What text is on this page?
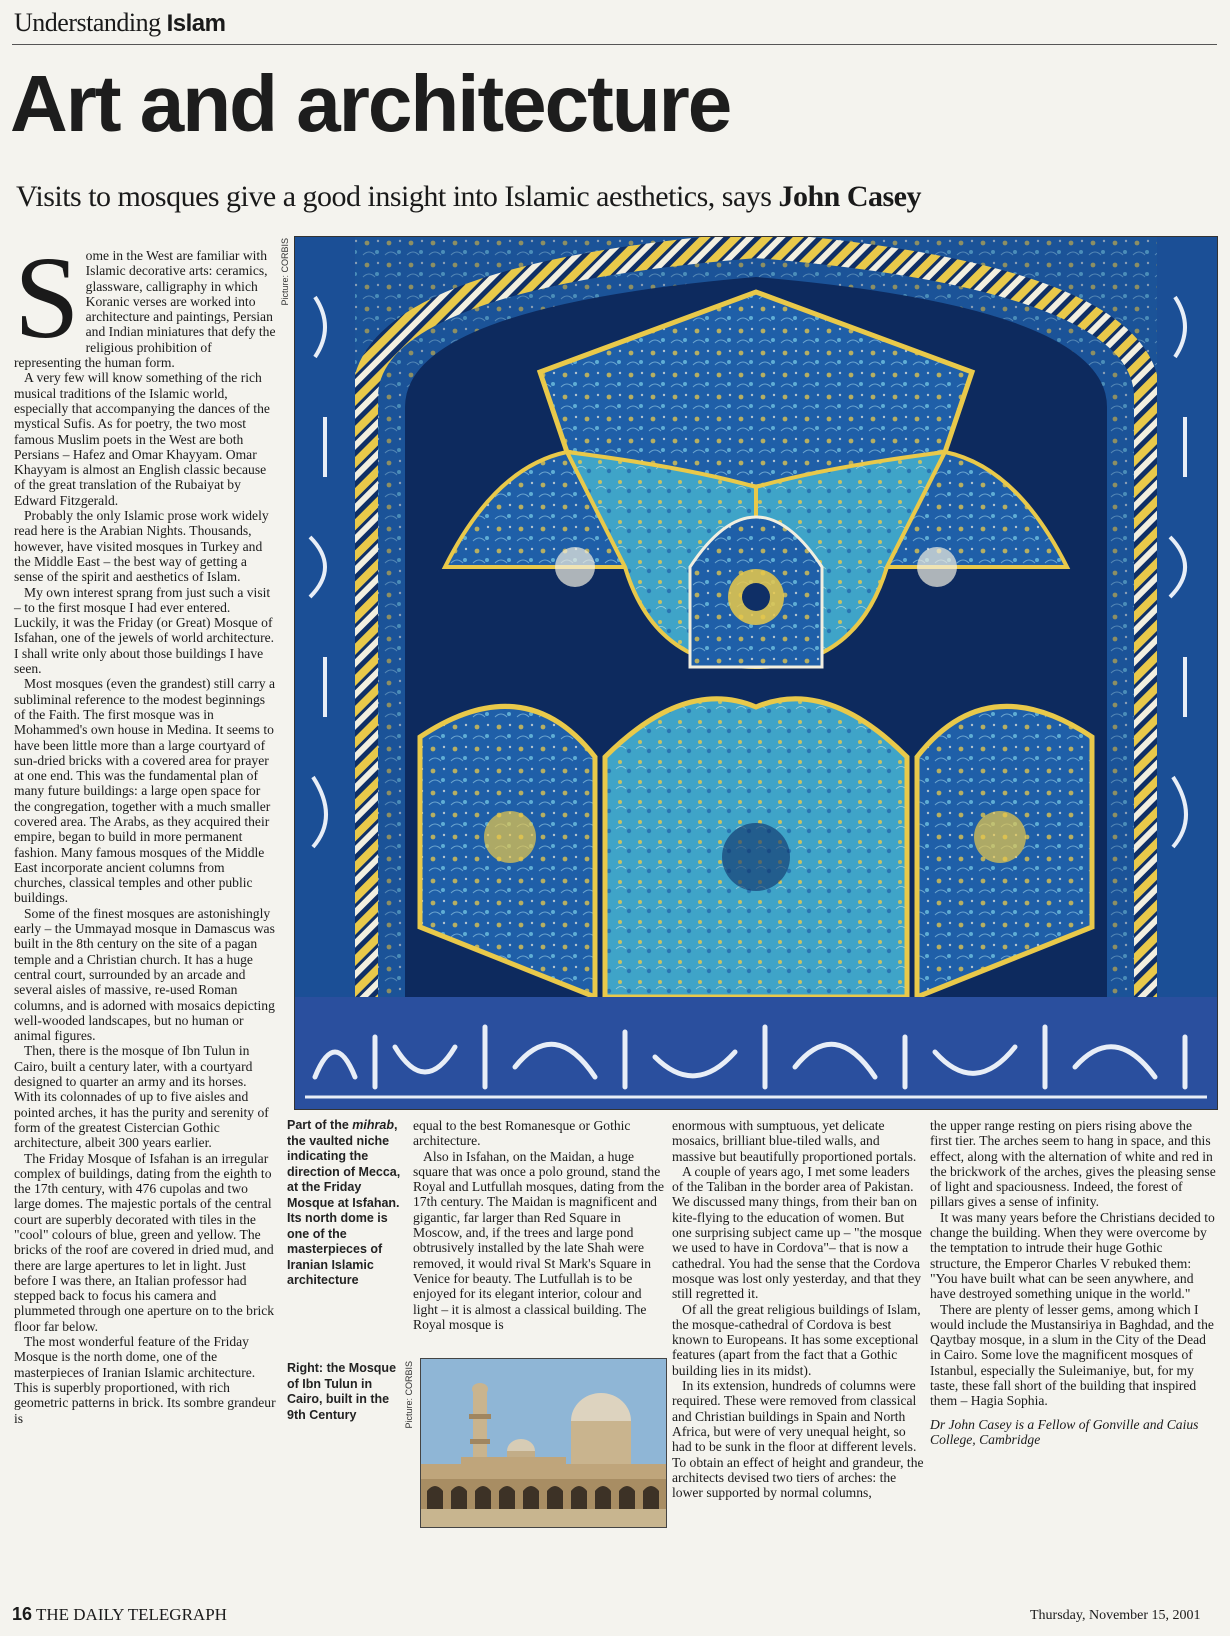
Understanding Islam
Art and architecture
Visits to mosques give a good insight into Islamic aesthetics, says John Casey

Some in the West are familiar with Islamic decorative arts: ceramics, glassware, calligraphy in which Koranic verses are worked into architecture and paintings, Persian and Indian miniatures that defy the religious prohibition of representing the human form.

A very few will know something of the rich musical traditions of the Islamic world, especially that accompanying the dances of the mystical Sufis. As for poetry, the two most famous Muslim poets in the West are both Persians – Hafez and Omar Khayyam. Omar Khayyam is almost an English classic because of the great translation of the Rubaiyat by Edward Fitzgerald.

Probably the only Islamic prose work widely read here is the Arabian Nights. Thousands, however, have visited mosques in Turkey and the Middle East – the best way of getting a sense of the spirit and aesthetics of Islam.

My own interest sprang from just such a visit – to the first mosque I had ever entered. Luckily, it was the Friday (or Great) Mosque of Isfahan, one of the jewels of world architecture. I shall write only about those buildings I have seen.

Most mosques (even the grandest) still carry a subliminal reference to the modest beginnings of the Faith. The first mosque was in Mohammed's own house in Medina. It seems to have been little more than a large courtyard of sun-dried bricks with a covered area for prayer at one end. This was the fundamental plan of many future buildings: a large open space for the congregation, together with a much smaller covered area. The Arabs, as they acquired their empire, began to build in more permanent fashion. Many famous mosques of the Middle East incorporate ancient columns from churches, classical temples and other public buildings.

Some of the finest mosques are astonishingly early – the Ummayad mosque in Damascus was built in the 8th century on the site of a pagan temple and a Christian church. It has a huge central court, surrounded by an arcade and several aisles of massive, re-used Roman columns, and is adorned with mosaics depicting well-wooded landscapes, but no human or animal figures.

Then, there is the mosque of Ibn Tulun in Cairo, built a century later, with a courtyard designed to quarter an army and its horses. With its colonnades of up to five aisles and pointed arches, it has the purity and serenity of form of the greatest Cistercian Gothic architecture, albeit 300 years earlier.

The Friday Mosque of Isfahan is an irregular complex of buildings, dating from the eighth to the 17th century, with 476 cupolas and two large domes. The majestic portals of the central court are superbly decorated with tiles in the "cool" colours of blue, green and yellow. The bricks of the roof are covered in dried mud, and there are large apertures to let in light. Just before I was there, an Italian professor had stepped back to focus his camera and plummeted through one aperture on to the brick floor far below.

The most wonderful feature of the Friday Mosque is the north dome, one of the masterpieces of Iranian Islamic architecture. This is superbly proportioned, with rich geometric patterns in brick. Its sombre grandeur is

Picture: CORBIS
Part of the mihrab, the vaulted niche indicating the direction of Mecca, at the Friday Mosque at Isfahan. Its north dome is one of the masterpieces of Iranian Islamic architecture
Right: the Mosque of Ibn Tulun in Cairo, built in the 9th Century	Picture: CORBIS

equal to the best Romanesque or Gothic architecture.

Also in Isfahan, on the Maidan, a huge square that was once a polo ground, stand the Royal and Lutfullah mosques, dating from the 17th century. The Maidan is magnificent and gigantic, far larger than Red Square in Moscow, and, if the trees and large pond obtrusively installed by the late Shah were removed, it would rival St Mark's Square in Venice for beauty. The Lutfullah is to be enjoyed for its elegant interior, colour and light – it is almost a classical building. The Royal mosque is

enormous with sumptuous, yet delicate mosaics, brilliant blue-tiled walls, and massive but beautifully proportioned portals.

A couple of years ago, I met some leaders of the Taliban in the border area of Pakistan. We discussed many things, from their ban on kite-flying to the education of women. But one surprising subject came up – "the mosque we used to have in Cordova"– that is now a cathedral. You had the sense that the Cordova mosque was lost only yesterday, and that they still regretted it.

Of all the great religious buildings of Islam, the mosque-cathedral of Cordova is best known to Europeans. It has some exceptional features (apart from the fact that a Gothic building lies in its midst).

In its extension, hundreds of columns were required. These were removed from classical and Christian buildings in Spain and North Africa, but were of very unequal height, so had to be sunk in the floor at different levels. To obtain an effect of height and grandeur, the architects devised two tiers of arches: the lower supported by normal columns,

the upper range resting on piers rising above the first tier. The arches seem to hang in space, and this effect, along with the alternation of white and red in the brickwork of the arches, gives the pleasing sense of light and spaciousness. Indeed, the forest of pillars gives a sense of infinity.

It was many years before the Christians decided to change the building. When they were overcome by the temptation to intrude their huge Gothic structure, the Emperor Charles V rebuked them: "You have built what can be seen anywhere, and have destroyed something unique in the world."

There are plenty of lesser gems, among which I would include the Mustansiriya in Baghdad, and the Qaytbay mosque, in a slum in the City of the Dead in Cairo. Some love the magnificent mosques of Istanbul, especially the Suleimaniye, but, for my taste, these fall short of the building that inspired them – Hagia Sophia.

Dr John Casey is a Fellow of Gonville and Caius College, Cambridge

16 THE DAILY TELEGRAPH	Thursday, November 15, 2001
